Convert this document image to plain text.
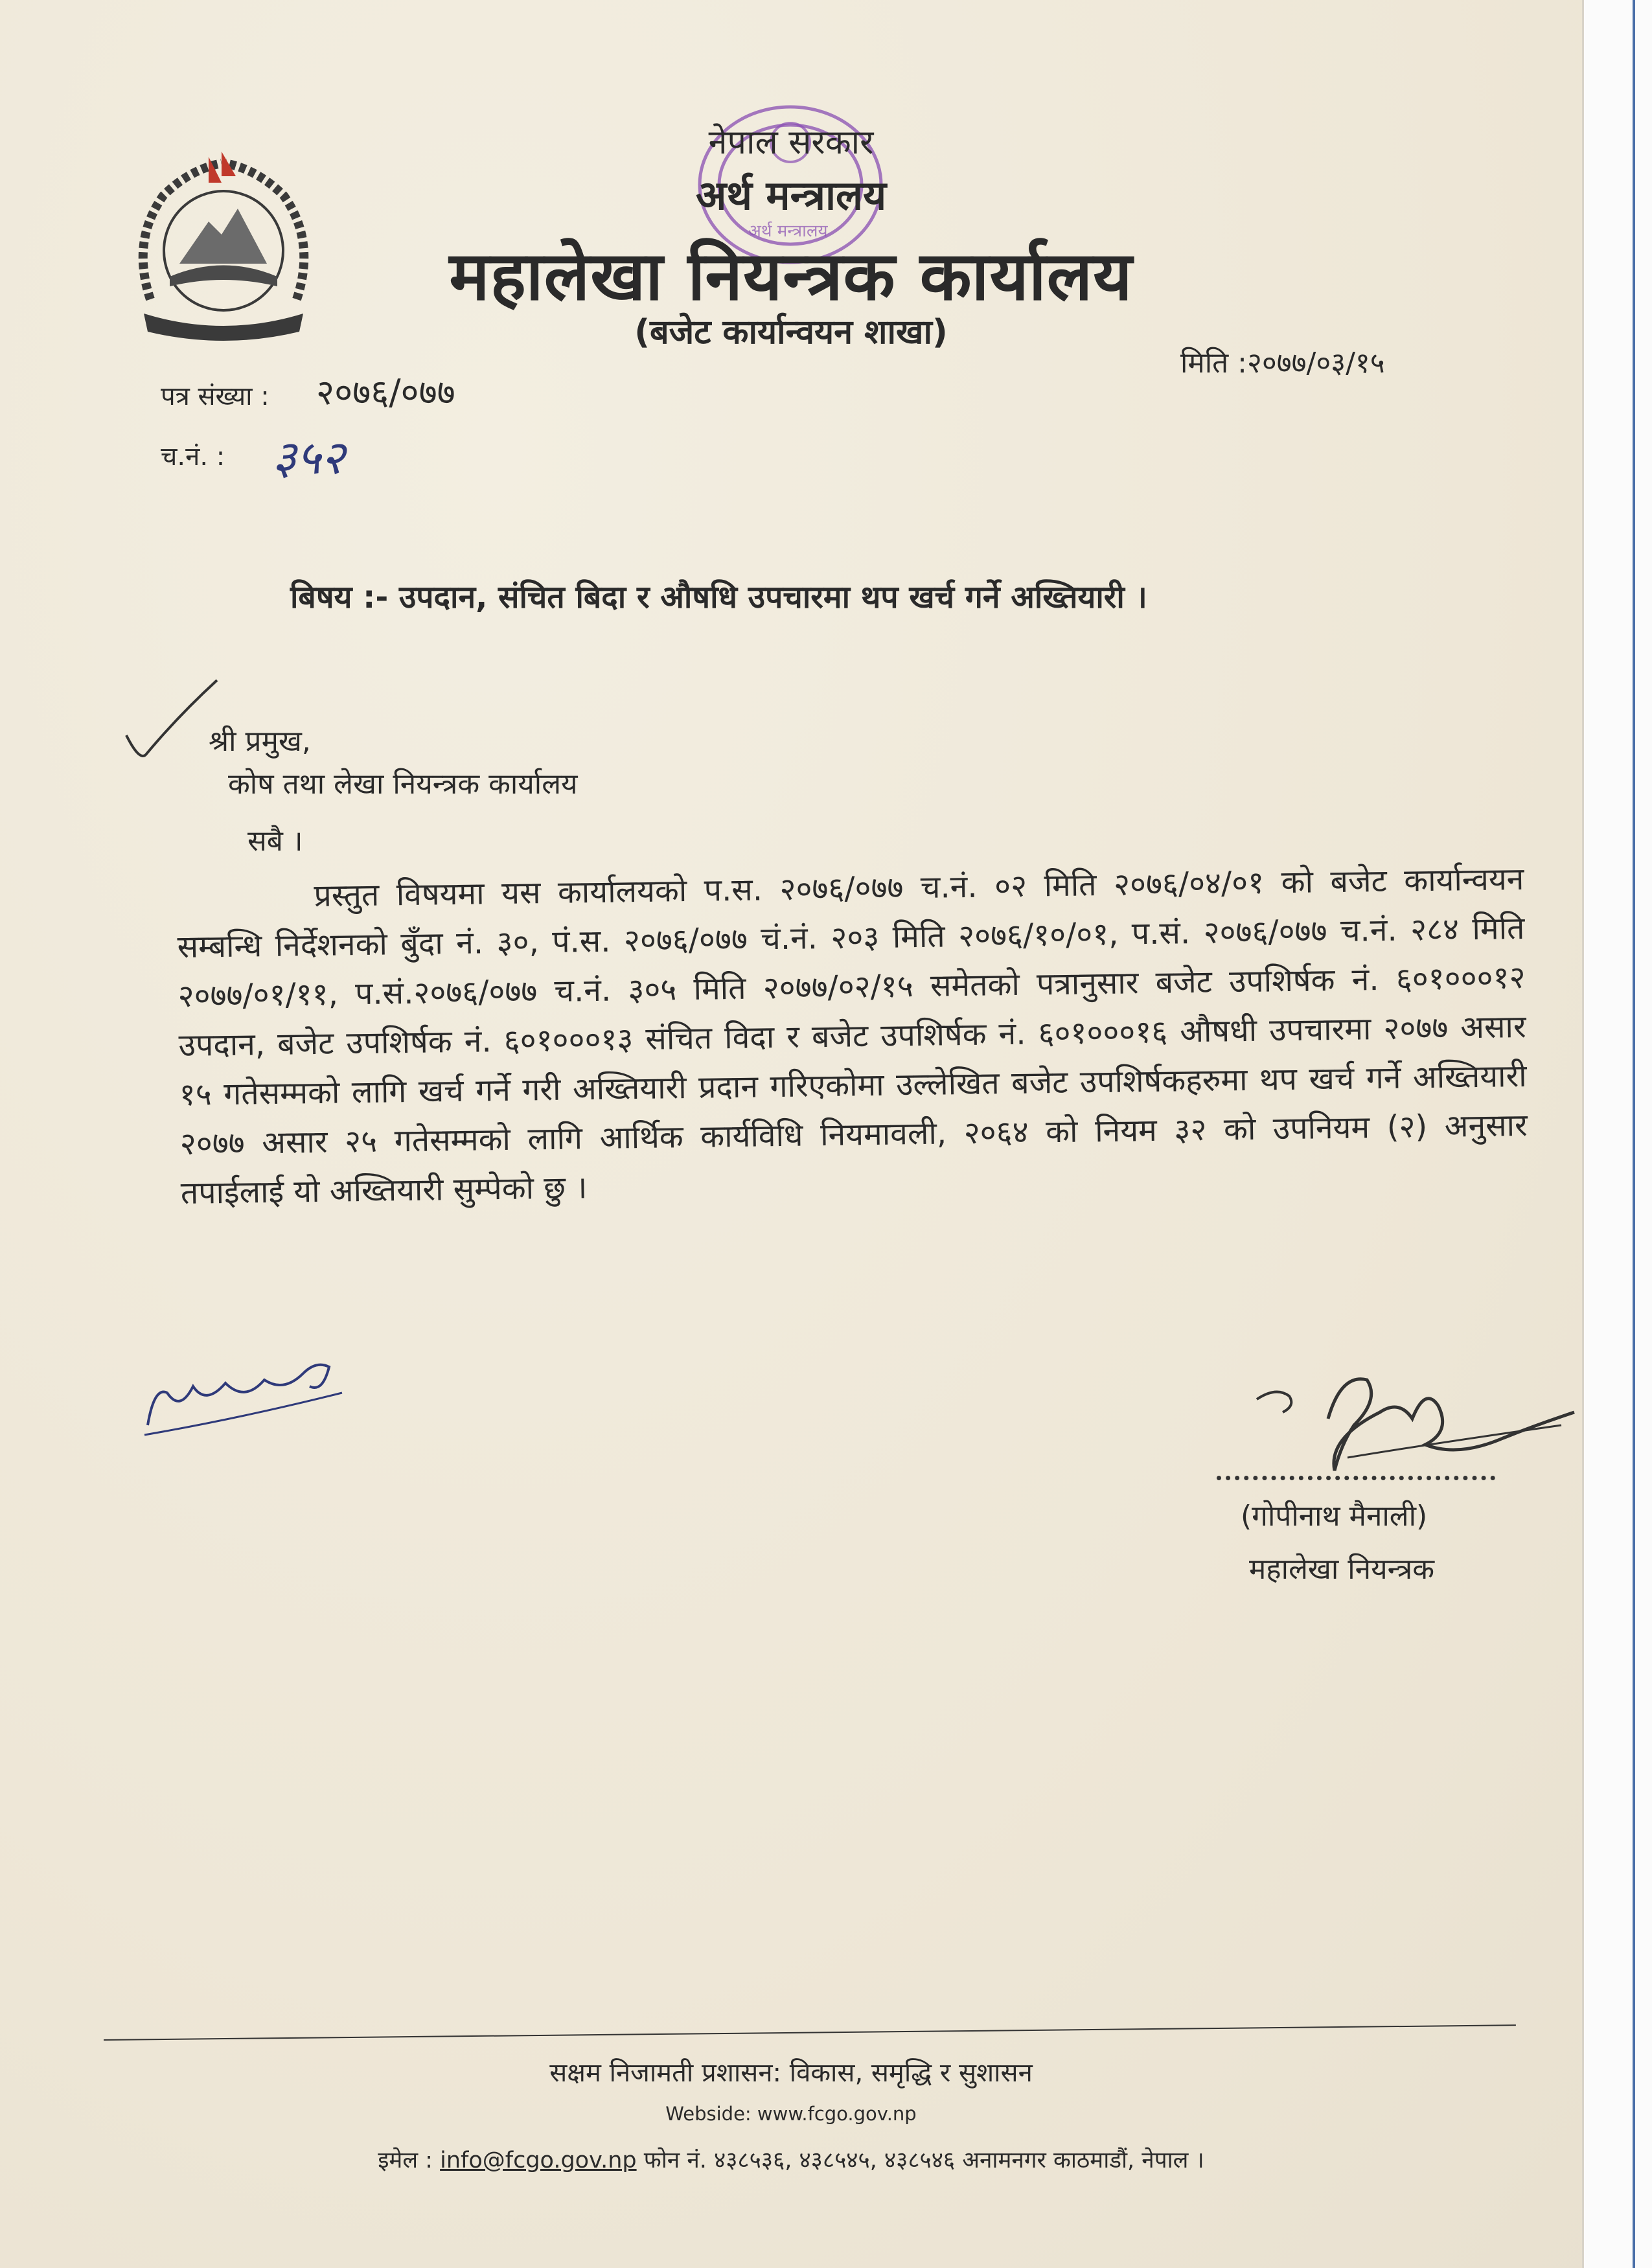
अर्थ मन्त्रालय
नेपाल सरकार
अर्थ मन्त्रालय
महालेखा नियन्त्रक कार्यालय
(बजेट कार्यान्वयन शाखा)
मिति :२०७७/०३/१५
पत्र संख्या : २०७६/०७७
च.नं. : ३५२
बिषय :- उपदान, संचित बिदा र औषधि उपचारमा थप खर्च गर्ने अख्तियारी ।
श्री प्रमुख,
कोष तथा लेखा नियन्त्रक कार्यालय
सबै ।
प्रस्तुत विषयमा यस कार्यालयको प.स. २०७६/०७७ च.नं. ०२ मिति २०७६/०४/०१ को बजेट कार्यान्वयन सम्बन्धि निर्देशनको बुँदा नं. ३०, पं.स. २०७६/०७७ चं.नं. २०३ मिति २०७६/१०/०१, प.सं. २०७६/०७७ च.नं. २८४ मिति २०७७/०१/११, प.सं.२०७६/०७७ च.नं. ३०५ मिति २०७७/०२/१५ समेतको पत्रानुसार बजेट उपशिर्षक नं. ६०१०००१२ उपदान, बजेट उपशिर्षक नं. ६०१०००१३ संचित विदा र बजेट उपशिर्षक नं. ६०१०००१६ औषधी उपचारमा २०७७ असार १५ गतेसम्मको लागि खर्च गर्ने गरी अख्तियारी प्रदान गरिएकोमा उल्लेखित बजेट उपशिर्षकहरुमा थप खर्च गर्ने अख्तियारी २०७७ असार २५ गतेसम्मको लागि आर्थिक कार्यविधि नियमावली, २०६४ को नियम ३२ को उपनियम (२) अनुसार तपाईलाई यो अख्तियारी सुम्पेको छु ।
(गोपीनाथ मैनाली)
महालेखा नियन्त्रक
सक्षम निजामती प्रशासन: विकास, समृद्धि र सुशासन
Webside: www.fcgo.gov.np
इमेल : info@fcgo.gov.np फोन नं. ४३८५३६, ४३८५४५, ४३८५४६ अनामनगर काठमाडौं, नेपाल ।
